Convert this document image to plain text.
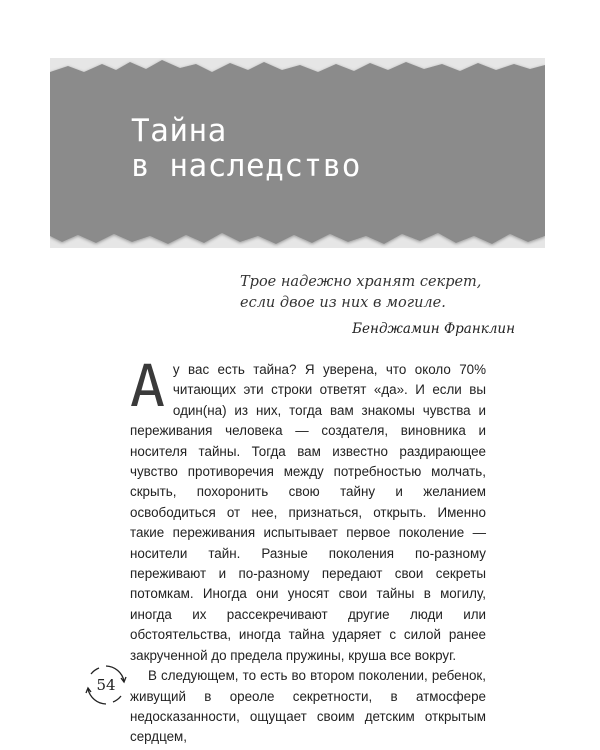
Тайна
в наследство

Трое надежно хранят секрет, если двое из них в могиле.

Бенджамин Франклин

Ау вас есть тайна? Я уверена, что около 70% читающих эти строки ответят «да». И если вы один(на) из них, тогда вам знакомы чувства и переживания человека — создателя, виновника и носителя тайны. Тогда вам известно раздирающее чувство противоречия между потребностью молчать, скрыть, похоронить свою тайну и желанием освободиться от нее, признаться, открыть. Именно такие переживания испытывает первое поколение — носители тайн. Разные поколения по-разному переживают и по-разному передают свои секреты потомкам. Иногда они уносят свои тайны в могилу, иногда их рассекречивают другие люди или обстоятельства, иногда тайна ударяет с силой ранее закрученной до предела пружины, круша все вокруг.

В следующем, то есть во втором поколении, ребенок, живущий в ореоле секретности, в атмосфере недосказанности, ощущает своим детским открытым сердцем,

54
